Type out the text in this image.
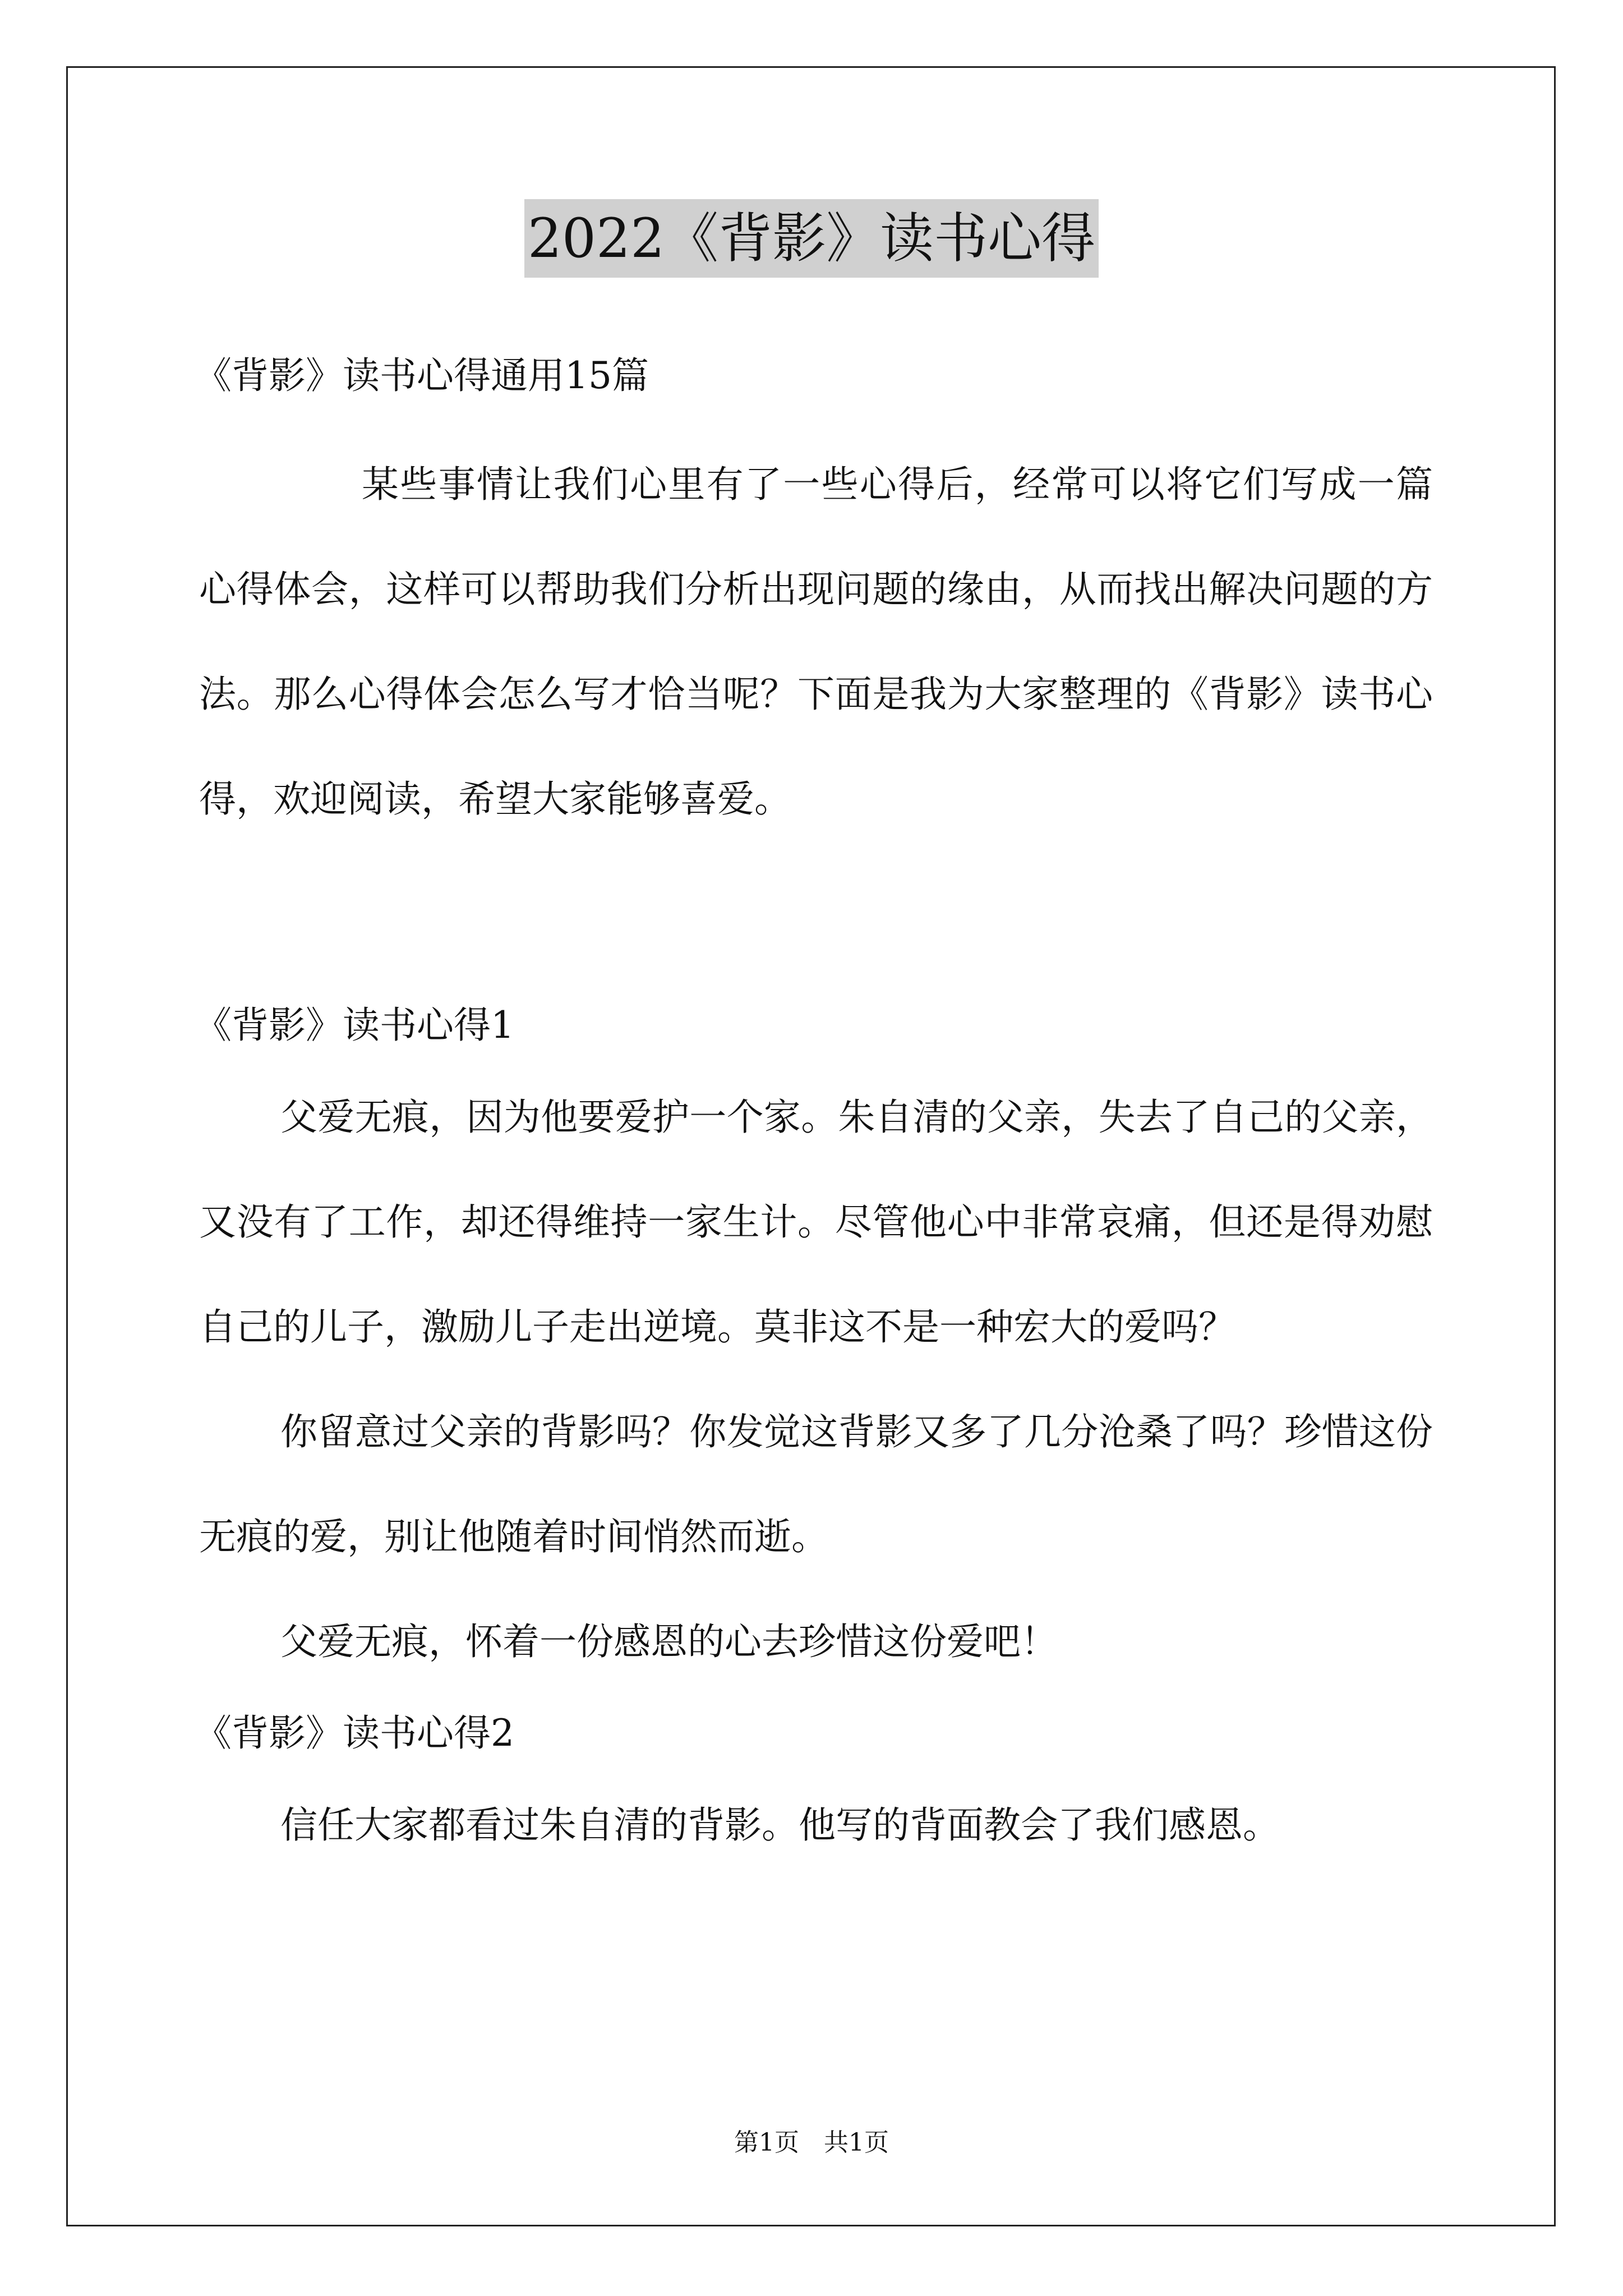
2022《背影》读书心得
《背影》读书心得通用15篇
某些事情让我们心里有了一些心得后，经常可以将它们写成一篇心得体会，这样可以帮助我们分析出现问题的缘由，从而找出解决问题的方法。那么心得体会怎么写才恰当呢？下面是我为大家整理的《背影》读书心得，欢迎阅读，希望大家能够喜爱。
《背影》读书心得1
父爱无痕，因为他要爱护一个家。朱自清的父亲，失去了自己的父亲，又没有了工作，却还得维持一家生计。尽管他心中非常哀痛，但还是得劝慰自己的儿子，激励儿子走出逆境。莫非这不是一种宏大的爱吗？
你留意过父亲的背影吗？你发觉这背影又多了几分沧桑了吗？珍惜这份无痕的爱，别让他随着时间悄然而逝。
父爱无痕，怀着一份感恩的心去珍惜这份爱吧！
《背影》读书心得2
信任大家都看过朱自清的背影。他写的背面教会了我们感恩。
第1页　共1页
